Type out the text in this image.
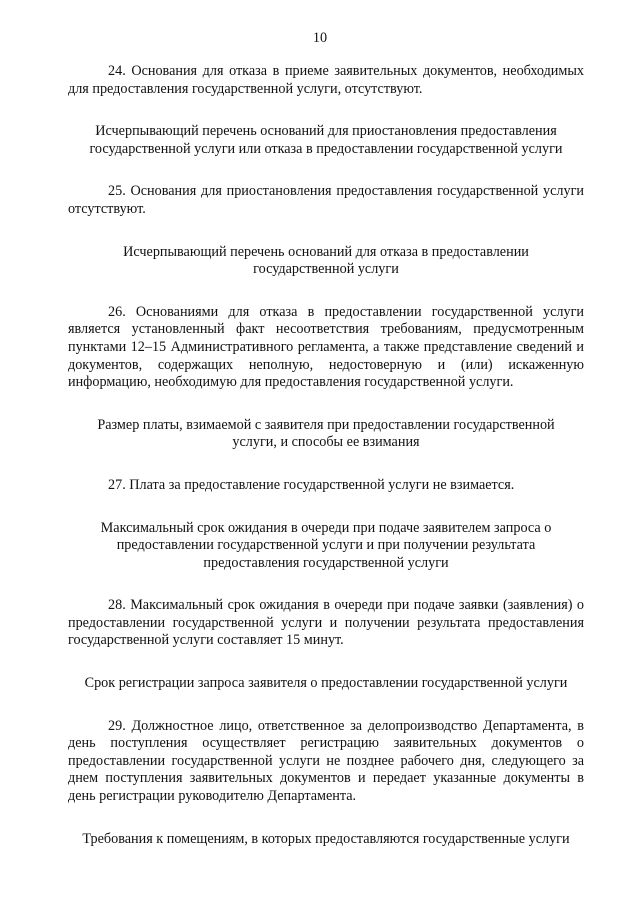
10

24. Основания для отказа в приеме заявительных документов, необходимых для предоставления государственной услуги, отсутствуют.

Исчерпывающий перечень оснований для приостановления предоставления государственной услуги или отказа в предоставлении государственной услуги

25. Основания для приостановления предоставления государственной услуги отсутствуют.

Исчерпывающий перечень оснований для отказа в предоставлении государственной услуги

26. Основаниями для отказа в предоставлении государственной услуги является установленный факт несоответствия требованиям, предусмотренным пунктами 12–15 Административного регламента, а также представление сведений и документов, содержащих неполную, недостоверную и (или) искаженную информацию, необходимую для предоставления государственной услуги.

Размер платы, взимаемой с заявителя при предоставлении государственной услуги, и способы ее взимания

27. Плата за предоставление государственной услуги не взимается.

Максимальный срок ожидания в очереди при подаче заявителем запроса о предоставлении государственной услуги и при получении результата предоставления государственной услуги

28. Максимальный срок ожидания в очереди при подаче заявки (заявления) о предоставлении государственной услуги и получении результата предоставления государственной услуги составляет 15 минут.

Срок регистрации запроса заявителя о предоставлении государственной услуги

29. Должностное лицо, ответственное за делопроизводство Департамента, в день поступления осуществляет регистрацию заявительных документов о предоставлении государственной услуги не позднее рабочего дня, следующего за днем поступления заявительных документов и передает указанные документы в день регистрации руководителю Департамента.

Требования к помещениям, в которых предоставляются государственные услуги
